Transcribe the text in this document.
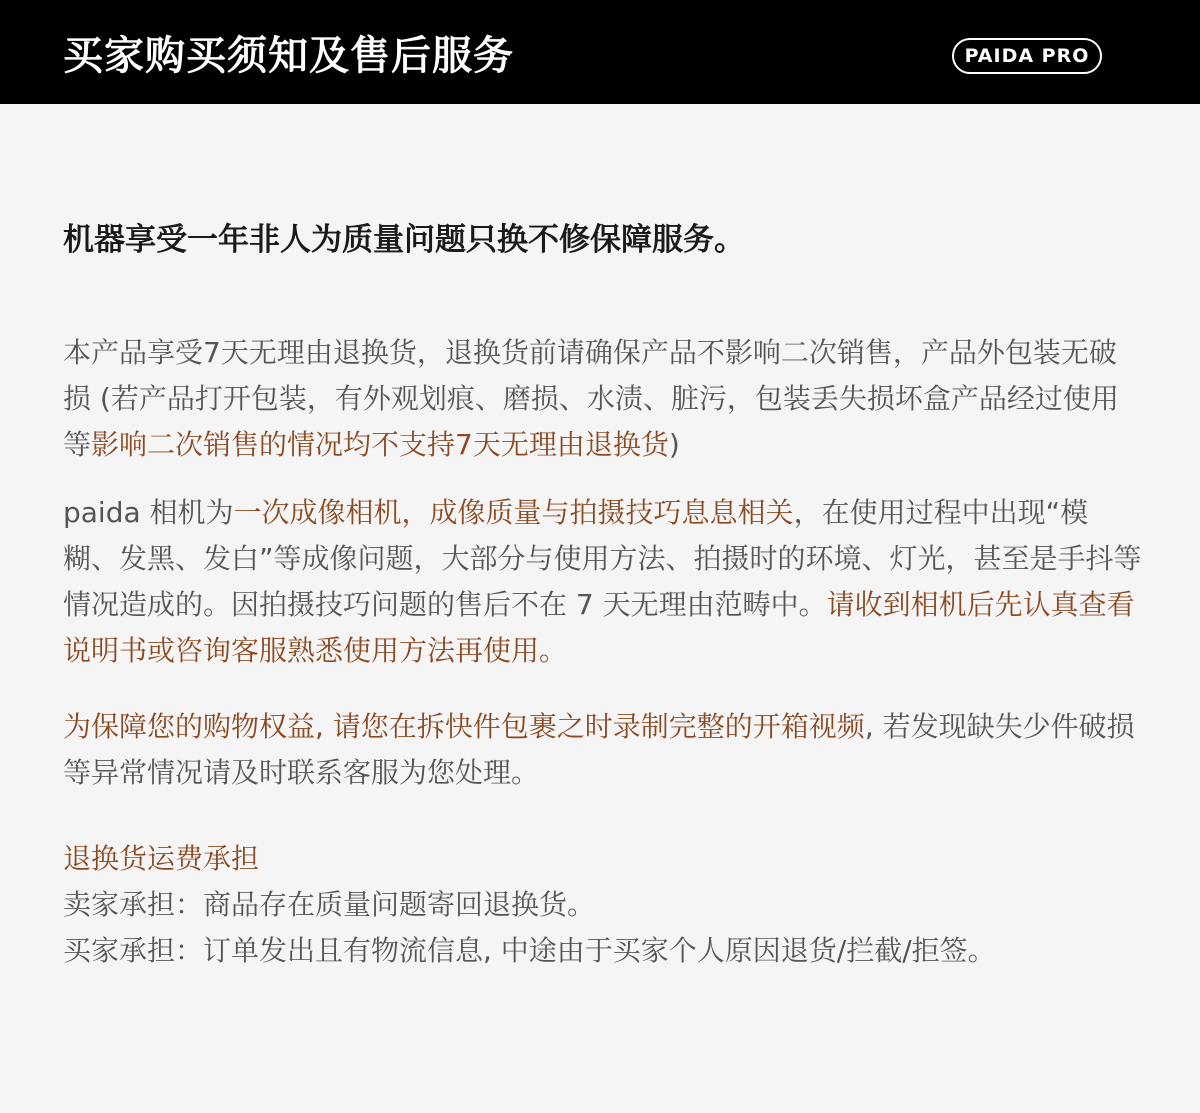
买家购买须知及售后服务	PAIDA PRO

机器享受一年非人为质量问题只换不修保障服务。

本产品享受7天无理由退换货，退换货前请确保产品不影响二次销售，产品外包装无破损 (若产品打开包装，有外观划痕、磨损、水渍、脏污，包装丢失损坏盒产品经过使用等影响二次销售的情况均不支持7天无理由退换货)

paida 相机为一次成像相机，成像质量与拍摄技巧息息相关，在使用过程中出现“模糊、发黑、发白”等成像问题，大部分与使用方法、拍摄时的环境、灯光，甚至是手抖等情况造成的。因拍摄技巧问题的售后不在 7 天无理由范畴中。请收到相机后先认真查看说明书或咨询客服熟悉使用方法再使用。

为保障您的购物权益, 请您在拆快件包裹之时录制完整的开箱视频, 若发现缺失少件破损等异常情况请及时联系客服为您处理。

退换货运费承担

卖家承担：商品存在质量问题寄回退换货。

买家承担：订单发出且有物流信息, 中途由于买家个人原因退货/拦截/拒签。
